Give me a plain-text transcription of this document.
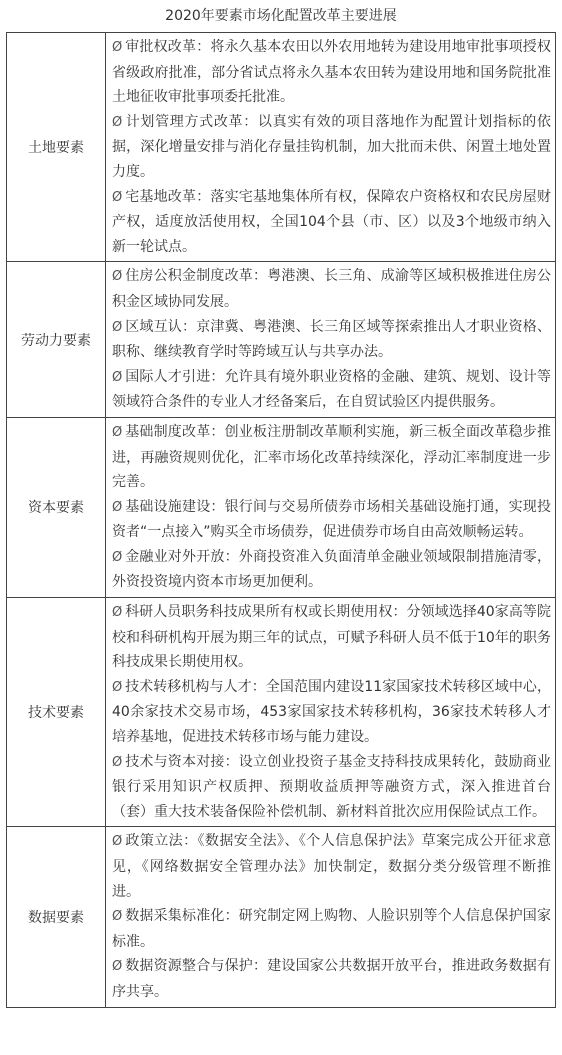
2020年要素市场化配置改革主要进展
土地要素	Ø 审批权改革：将永久基本农田以外农用地转为建设用地审批事项授权省级政府批准，部分省试点将永久基本农田转为建设用地和国务院批准土地征收审批事项委托批准。

Ø 计划管理方式改革：以真实有效的项目落地作为配置计划指标的依据，深化增量安排与消化存量挂钩机制，加大批而未供、闲置土地处置力度。

Ø 宅基地改革：落实宅基地集体所有权，保障农户资格权和农民房屋财产权，适度放活使用权，全国104个县（市、区）以及3个地级市纳入新一轮试点。

劳动力要素	Ø 住房公积金制度改革：粤港澳、长三角、成渝等区域积极推进住房公积金区域协同发展。

Ø 区域互认：京津冀、粤港澳、长三角区域等探索推出人才职业资格、职称、继续教育学时等跨域互认与共享办法。

Ø 国际人才引进：允许具有境外职业资格的金融、建筑、规划、设计等领域符合条件的专业人才经备案后，在自贸试验区内提供服务。

资本要素	Ø 基础制度改革：创业板注册制改革顺利实施，新三板全面改革稳步推进，再融资规则优化，汇率市场化改革持续深化，浮动汇率制度进一步完善。

Ø 基础设施建设：银行间与交易所债券市场相关基础设施打通，实现投资者“一点接入”购买全市场债券，促进债券市场自由高效顺畅运转。

Ø 金融业对外开放：外商投资准入负面清单金融业领域限制措施清零，外资投资境内资本市场更加便利。

技术要素	Ø 科研人员职务科技成果所有权或长期使用权：分领域选择40家高等院校和科研机构开展为期三年的试点，可赋予科研人员不低于10年的职务科技成果长期使用权。

Ø 技术转移机构与人才：全国范围内建设11家国家技术转移区域中心，40余家技术交易市场，453家国家技术转移机构，36家技术转移人才培养基地，促进技术转移市场与能力建设。

Ø 技术与资本对接：设立创业投资子基金支持科技成果转化，鼓励商业银行采用知识产权质押、预期收益质押等融资方式，深入推进首台（套）重大技术装备保险补偿机制、新材料首批次应用保险试点工作。

数据要素	Ø 政策立法：《数据安全法》、《个人信息保护法》草案完成公开征求意见，《网络数据安全管理办法》加快制定，数据分类分级管理不断推进。

Ø 数据采集标准化：研究制定网上购物、人脸识别等个人信息保护国家标准。

Ø 数据资源整合与保护：建设国家公共数据开放平台，推进政务数据有序共享。
